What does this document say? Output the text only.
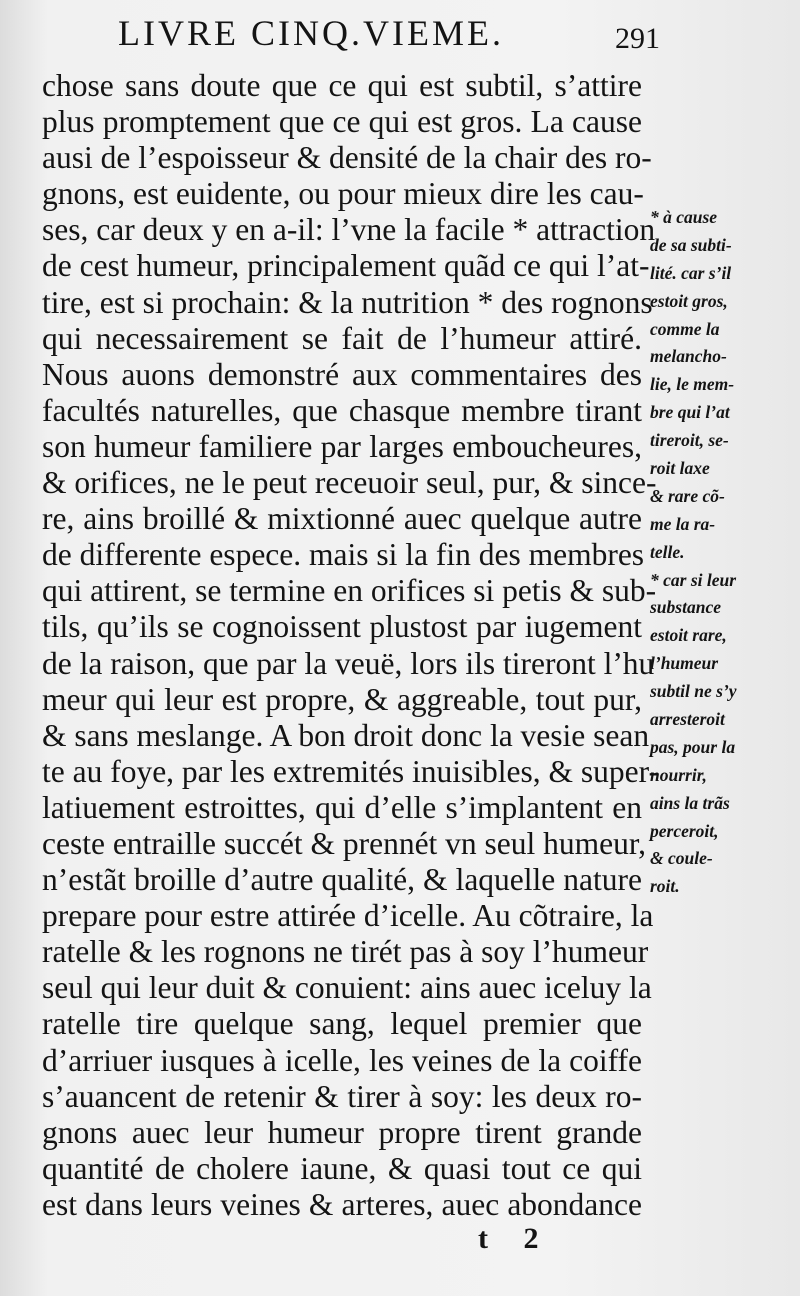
LIVRE CINQ.VIEME.	291
chose sans doute que ce qui est subtil, s’attire
plus promptement que ce qui est gros. La cause
ausi de l’espoisseur & densité de la chair des ro-
gnons, est euidente, ou pour mieux dire les cau-
ses, car deux y en a-il: l’vne la facile * attraction
de cest humeur, principalement quãd ce qui l’at-
tire, est si prochain: & la nutrition * des rognons
qui necessairement se fait de l’humeur attiré.
Nous auons demonstré aux commentaires des
facultés naturelles, que chasque membre tirant
son humeur familiere par larges emboucheures,
& orifices, ne le peut receuoir seul, pur, & since-
re, ains broillé & mixtionné auec quelque autre
de differente espece. mais si la fin des membres
qui attirent, se termine en orifices si petis & sub-
tils, qu’ils se cognoissent plustost par iugement
de la raison, que par la veuë, lors ils tireront l’hu
meur qui leur est propre, & aggreable, tout pur,
& sans meslange. A bon droit donc la vesie sean
te au foye, par les extremités inuisibles, & super-
latiuement estroittes, qui d’elle s’implantent en
ceste entraille succét & prennét vn seul humeur,
n’estãt broille d’autre qualité, & laquelle nature
prepare pour estre attirée d’icelle. Au cõtraire, la
ratelle & les rognons ne tirét pas à soy l’humeur
seul qui leur duit & conuient: ains auec iceluy la
ratelle tire quelque sang, lequel premier que
d’arriuer iusques à icelle, les veines de la coiffe
s’auancent de retenir & tirer à soy: les deux ro-
gnons auec leur humeur propre tirent grande
quantité de cholere iaune, & quasi tout ce qui
est dans leurs veines & arteres, auec abondance
* à cause
de sa subti-
lité. car s’il
estoit gros,
comme la
melancho-
lie, le mem-
bre qui l’at
tireroit, se-
roit laxe
& rare cõ-
me la ra-
telle.
* car si leur
substance
estoit rare,
l’humeur
subtil ne s’y
arresteroit
pas, pour la
nourrir,
ains la trãs
perceroit,
& coule-
roit.
t 2
